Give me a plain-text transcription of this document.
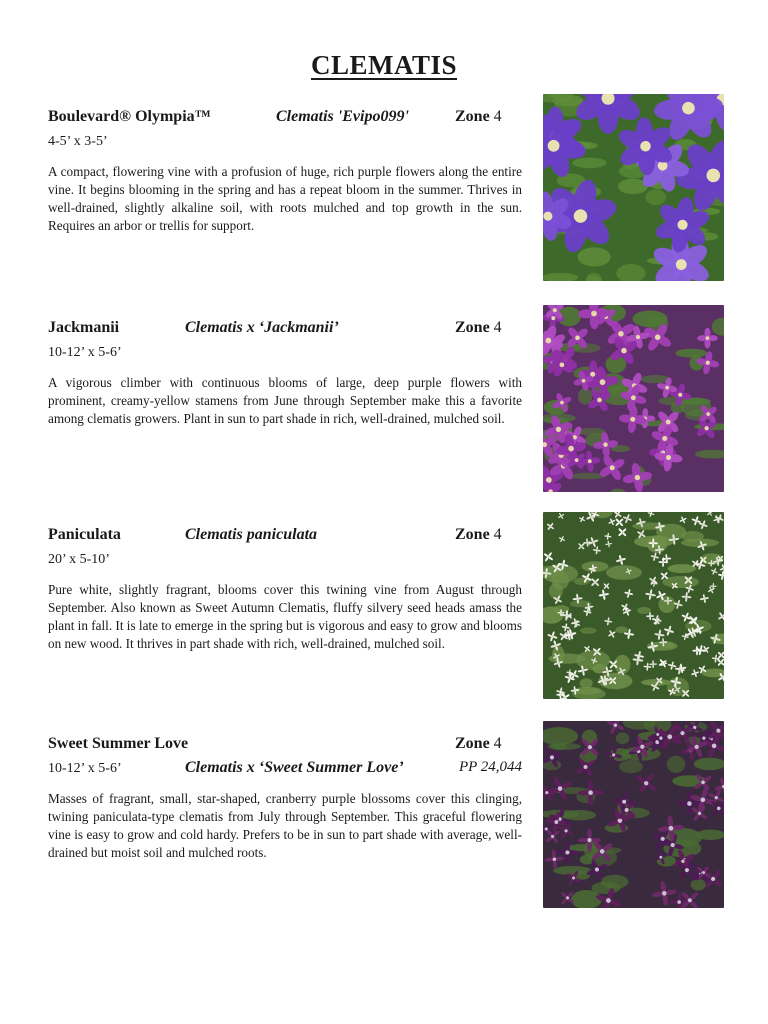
CLEMATIS
Boulevard® Olympia™	Clematis 'Evipo099'	Zone 4
4-5’ x 3-5’
A compact, flowering vine with a profusion of huge, rich purple flowers along the entire vine. It begins blooming in the spring and has a repeat bloom in the summer. Thrives in well-drained, slightly alkaline soil, with roots mulched and top growth in the sun. Requires an arbor or trellis for support.
Jackmanii	Clematis x ‘Jackmanii’	Zone 4
10-12’ x 5-6’
A vigorous climber with continuous blooms of large, deep purple flowers with prominent, creamy-yellow stamens from June through September make this a favorite among clematis growers. Plant in sun to part shade in rich, well-drained, mulched soil.
Paniculata	Clematis paniculata	Zone 4
20’ x 5-10’
Pure white, slightly fragrant, blooms cover this twining vine from August through September. Also known as Sweet Autumn Clematis, fluffy silvery seed heads amass the plant in fall. It is late to emerge in the spring but is vigorous and easy to grow and blooms on new wood. It thrives in part shade with rich, well-drained, mulched soil.
Sweet Summer Love	Zone 4
10-12’ x 5-6’	Clematis x ‘Sweet Summer Love’	PP 24,044
Masses of fragrant, small, star-shaped, cranberry purple blossoms cover this clinging, twining paniculata-type clematis from July through September. This graceful flowering vine is easy to grow and cold hardy. Prefers to be in sun to part shade with average, well-drained but moist soil and mulched roots.
